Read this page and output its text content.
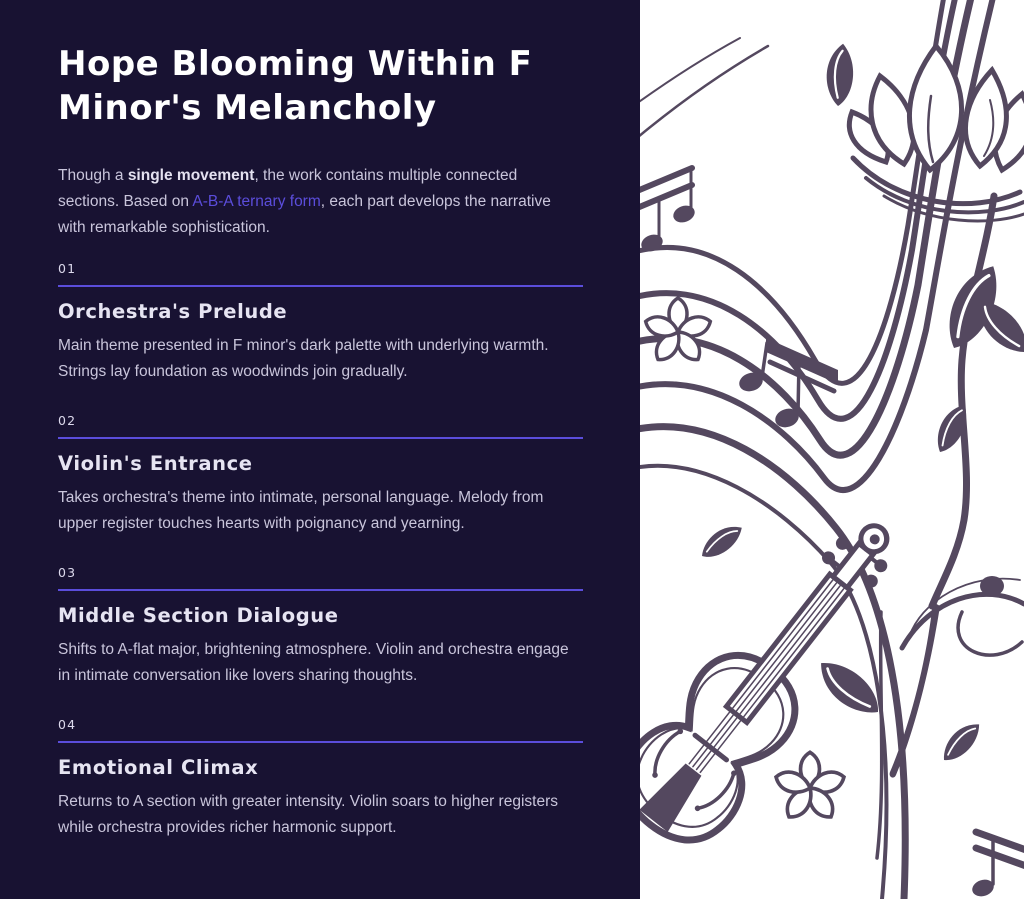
Hope Blooming Within F Minor's Melancholy

Though a single movement, the work contains multiple connected sections. Based on A-B-A ternary form, each part develops the narrative with remarkable sophistication.

01
Orchestra's Prelude

Main theme presented in F minor's dark palette with underlying warmth. Strings lay foundation as woodwinds join gradually.

02
Violin's Entrance

Takes orchestra's theme into intimate, personal language. Melody from upper register touches hearts with poignancy and yearning.

03
Middle Section Dialogue

Shifts to A-flat major, brightening atmosphere. Violin and orchestra engage in intimate conversation like lovers sharing thoughts.

04
Emotional Climax

Returns to A section with greater intensity. Violin soars to higher registers while orchestra provides richer harmonic support.
